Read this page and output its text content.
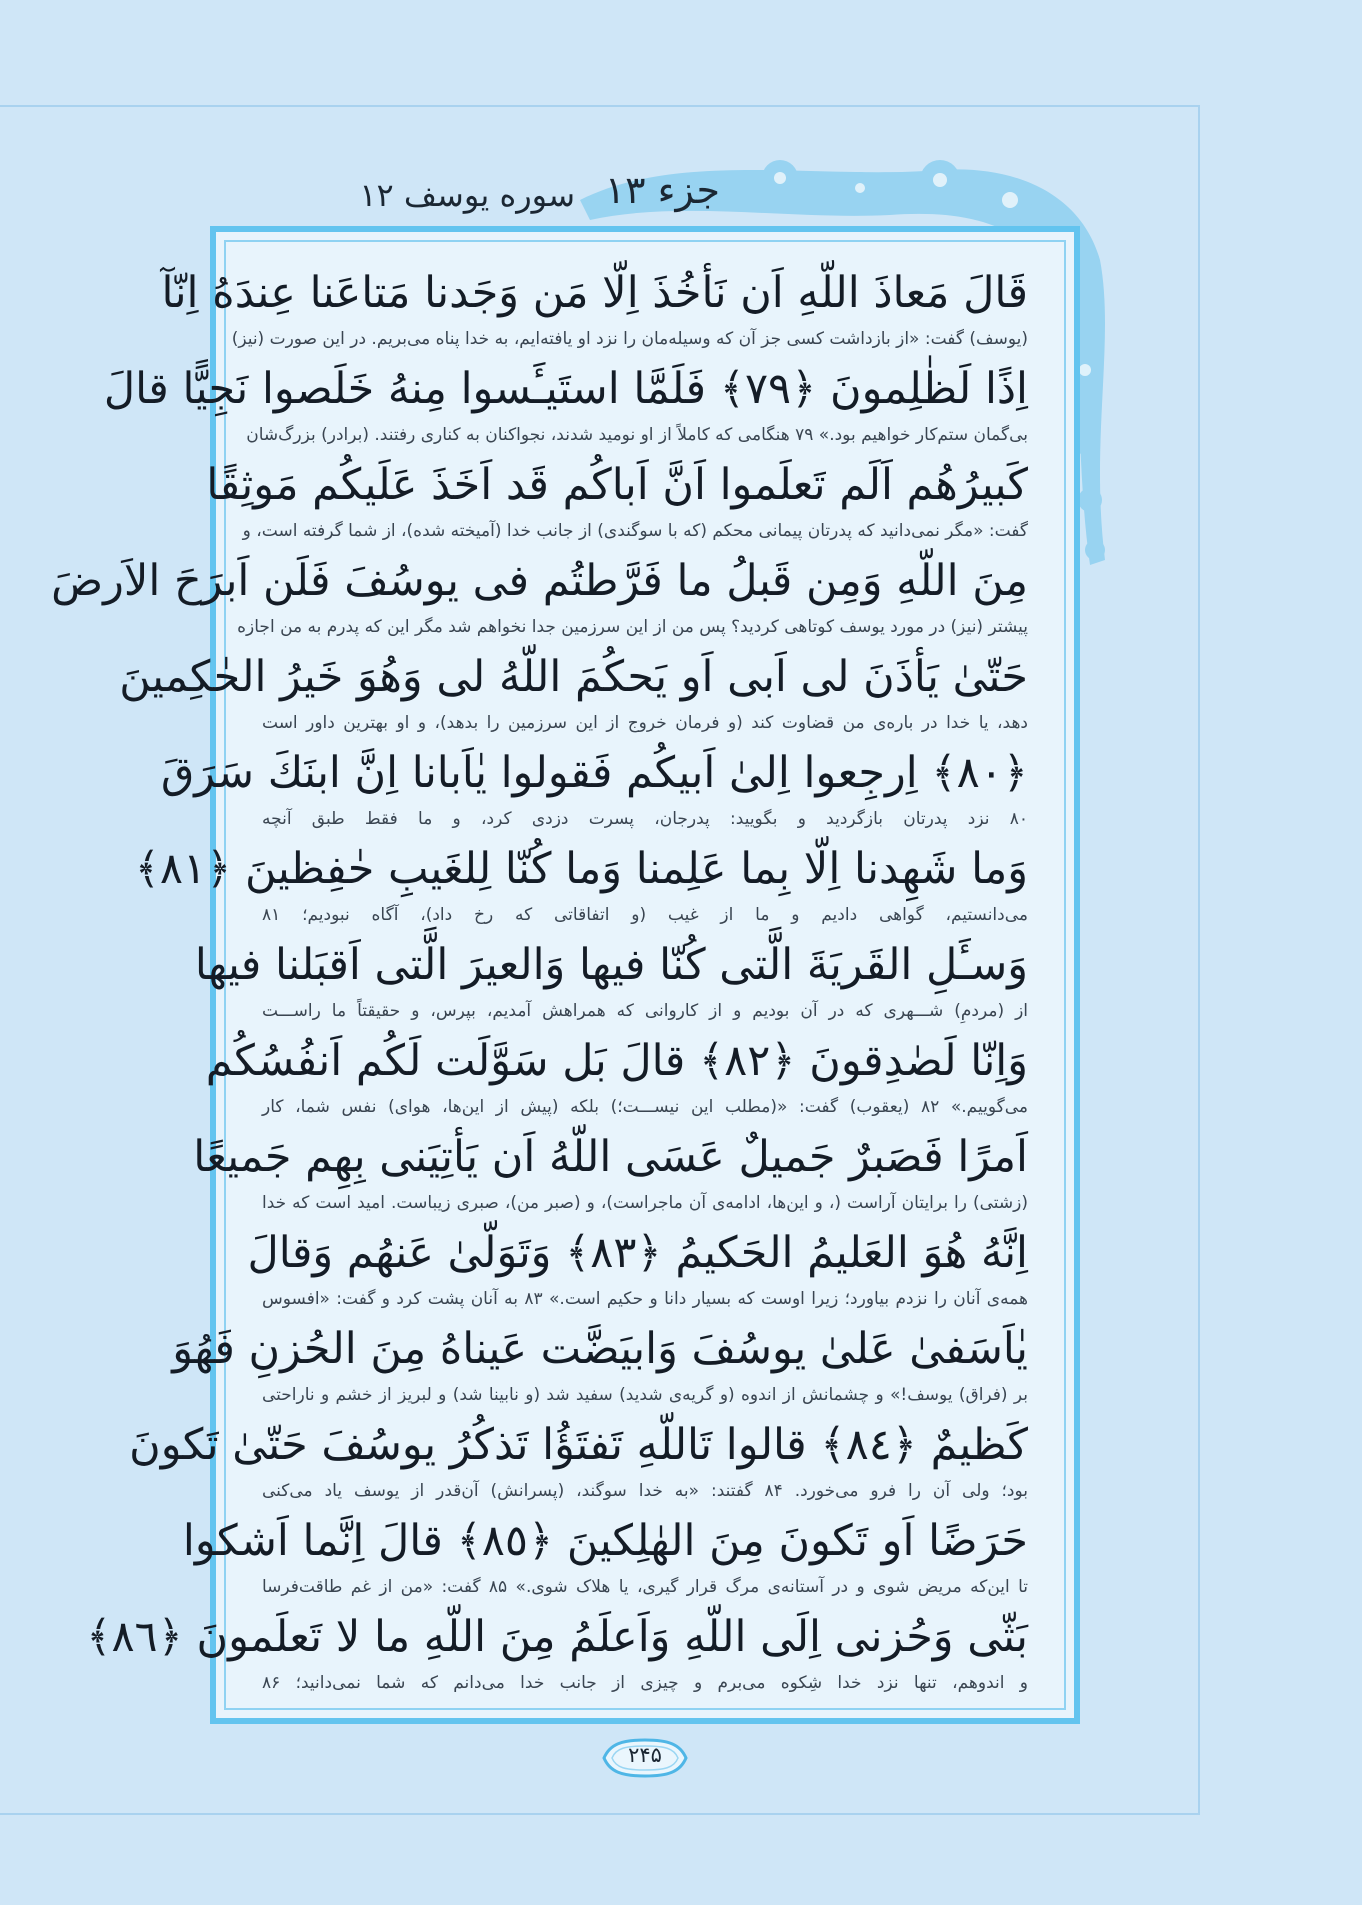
جزء ۱۳
سوره یوسف ۱۲
قَالَ مَعاذَ اللّهِ اَن نَأخُذَ اِلّا مَن وَجَدنا مَتاعَنا عِندَهُ اِنّآ
(یوسف) گفت: «از بازداشت کسی جز آن که وسیله‌مان را نزد او یافته‌ایم، به خدا پناه می‌بریم. در این صورت (نیز)
اِذًا لَظٰلِمونَ ﴿٧٩﴾ فَلَمَّا استَيـَٔسوا مِنهُ خَلَصوا نَجِيًّا قالَ
بی‌گمان ستم‌کار خواهیم بود.» ۷۹ هنگامی که کاملاً از او نومید شدند، نجواکنان به کناری رفتند. (برادر) بزرگ‌شان
كَبيرُهُم اَلَم تَعلَموا اَنَّ اَباكُم قَد اَخَذَ عَلَيكُم مَوثِقًا
گفت: «مگر نمی‌دانید که پدرتان پیمانی محکم (که با سوگندی) از جانب خدا (آمیخته شده)، از شما گرفته است، و
مِنَ اللّهِ وَمِن قَبلُ ما فَرَّطتُم فى يوسُفَ فَلَن اَبرَحَ الاَرضَ
پیشتر (نیز) در مورد یوسف کوتاهی کردید؟ پس من از این سرزمین جدا نخواهم شد مگر این که پدرم به من اجازه
حَتّىٰ يَأذَنَ لى اَبى اَو يَحكُمَ اللّهُ لى وَهُوَ خَيرُ الحٰكِمينَ
دهد، یا خدا در باره‌ی من قضاوت کند (و فرمان خروج از این سرزمین را بدهد)، و او بهترین داور است
﴿٨٠﴾ اِرجِعوا اِلىٰ اَبيكُم فَقولوا يٰاَبانا اِنَّ ابنَكَ سَرَقَ
۸۰ نزد پدرتان بازگردید و بگویید: پدرجان، پسرت دزدی کرد، و ما فقط طبق آنچه
وَما شَهِدنا اِلّا بِما عَلِمنا وَما كُنّا لِلغَيبِ حٰفِظينَ ﴿٨١﴾
می‌دانستیم، گواهی دادیم و ما از غیب (و اتفاقاتی که رخ داد)، آگاه نبودیم؛ ۸۱
وَسـَٔلِ القَريَةَ الَّتى كُنّا فيها وَالعيرَ الَّتى اَقبَلنا فيها
از (مردمِ) شـــهری که در آن بودیم و از کاروانی که همراهش آمدیم، بپرس، و حقیقتاً ما راســـت
وَاِنّا لَصٰدِقونَ ﴿٨٢﴾ قالَ بَل سَوَّلَت لَكُم اَنفُسُكُم
می‌گوییم.» ۸۲ (یعقوب) گفت: «(مطلب این نیســـت؛) بلکه (پیش از این‌ها، هوای) نفس شما، کار
اَمرًا فَصَبرٌ جَميلٌ عَسَى اللّهُ اَن يَأتِيَنى بِهِم جَميعًا
(زشتی) را برایتان آراست (، و این‌ها، ادامه‌ی آن ماجراست)، و (صبر من)، صبری زیباست. امید است که خدا
اِنَّهُ هُوَ العَليمُ الحَكيمُ ﴿٨٣﴾ وَتَوَلّىٰ عَنهُم وَقالَ
همه‌ی آنان را نزدم بیاورد؛ زیرا اوست که بسیار دانا و حکیم است.» ۸۳ به آنان پشت کرد و گفت: «افسوس
يٰاَسَفىٰ عَلىٰ يوسُفَ وَابيَضَّت عَيناهُ مِنَ الحُزنِ فَهُوَ
بر (فراق) یوسف!» و چشمانش از اندوه (و گریه‌ی شدید) سفید شد (و نابینا شد) و لبریز از خشم و ناراحتی
كَظيمٌ ﴿٨٤﴾ قالوا تَاللّهِ تَفتَؤُا تَذكُرُ يوسُفَ حَتّىٰ تَكونَ
بود؛ ولی آن را فرو می‌خورد. ۸۴ گفتند: «به خدا سوگند، (پسرانش) آن‌قدر از یوسف یاد می‌کنی
حَرَضًا اَو تَكونَ مِنَ الهٰلِكينَ ﴿٨٥﴾ قالَ اِنَّما اَشكوا
تا این‌که مریض شوی و در آستانه‌ی مرگ قرار گیری، یا هلاک شوی.» ۸۵ گفت: «من از غم طاقت‌فرسا
بَثّى وَحُزنى اِلَى اللّهِ وَاَعلَمُ مِنَ اللّهِ ما لا تَعلَمونَ ﴿٨٦﴾
و اندوهم، تنها نزد خدا شِکوه می‌برم و چیزی از جانب خدا می‌دانم که شما نمی‌دانید؛ ۸۶
۲۴۵
